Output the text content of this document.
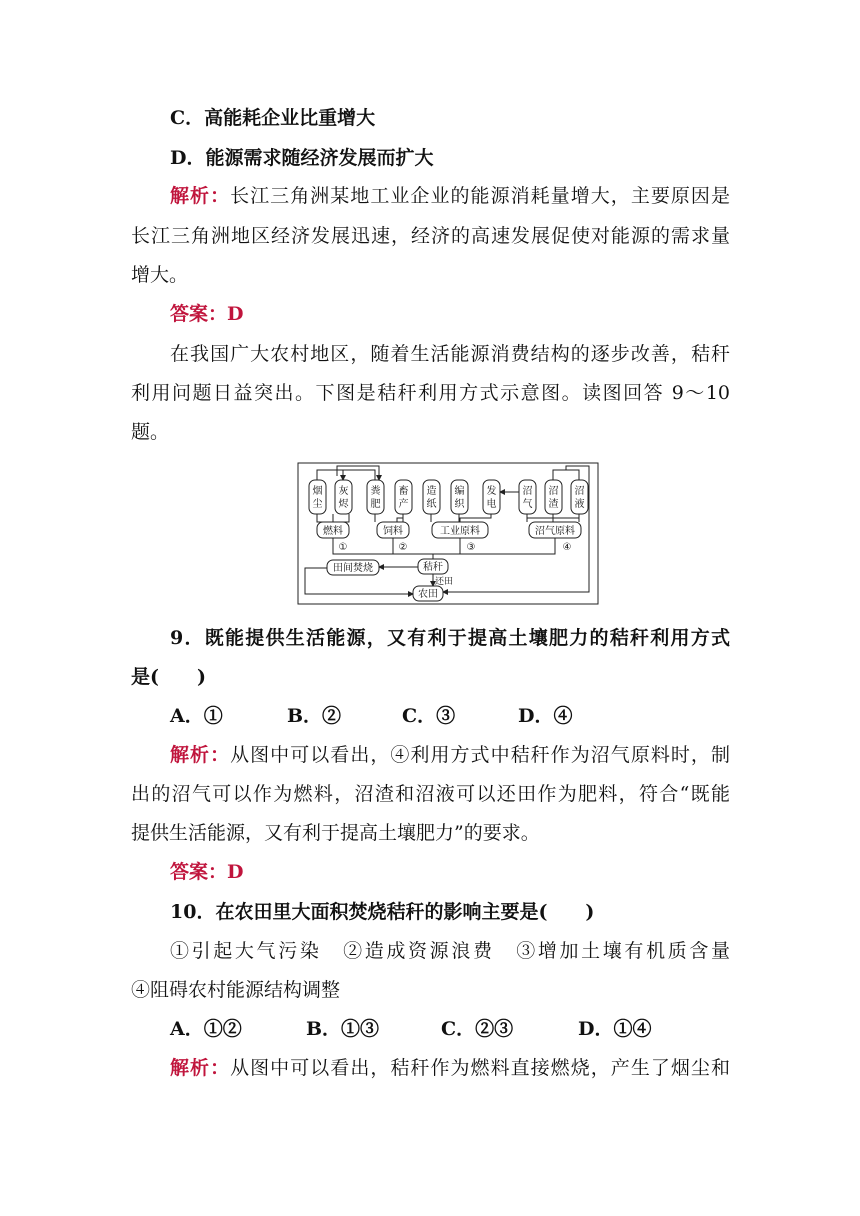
C．高能耗企业比重增大
D．能源需求随经济发展而扩大
解析：长江三角洲某地工业企业的能源消耗量增大，主要原因是
长江三角洲地区经济发展迅速，经济的高速发展促使对能源的需求量
增大。
答案：D
在我国广大农村地区，随着生活能源消费结构的逐步改善，秸秆
利用问题日益突出。下图是秸秆利用方式示意图。读图回答 9～10
题。
烟
尘
灰
烬
粪
肥
畜
产
造
纸
编
织
发
电
沼
气
沼
渣
沼
液
燃料	饲料	工业原料	沼气原料
①	②	③	④
秸秆
田间焚烧
农田
还田
9．既能提供生活能源，又有利于提高土壤肥力的秸秆利用方式
是(　　)
A．①	B．②	C．③	D．④
解析：从图中可以看出，④利用方式中秸秆作为沼气原料时，制
出的沼气可以作为燃料，沼渣和沼液可以还田作为肥料，符合“既能
提供生活能源，又有利于提高土壤肥力”的要求。
答案：D
10．在农田里大面积焚烧秸秆的影响主要是(　　)
①引起大气污染　②造成资源浪费　③增加土壤有机质含量
④阻碍农村能源结构调整
A．①②	B．①③	C．②③	D．①④
解析：从图中可以看出，秸秆作为燃料直接燃烧，产生了烟尘和
